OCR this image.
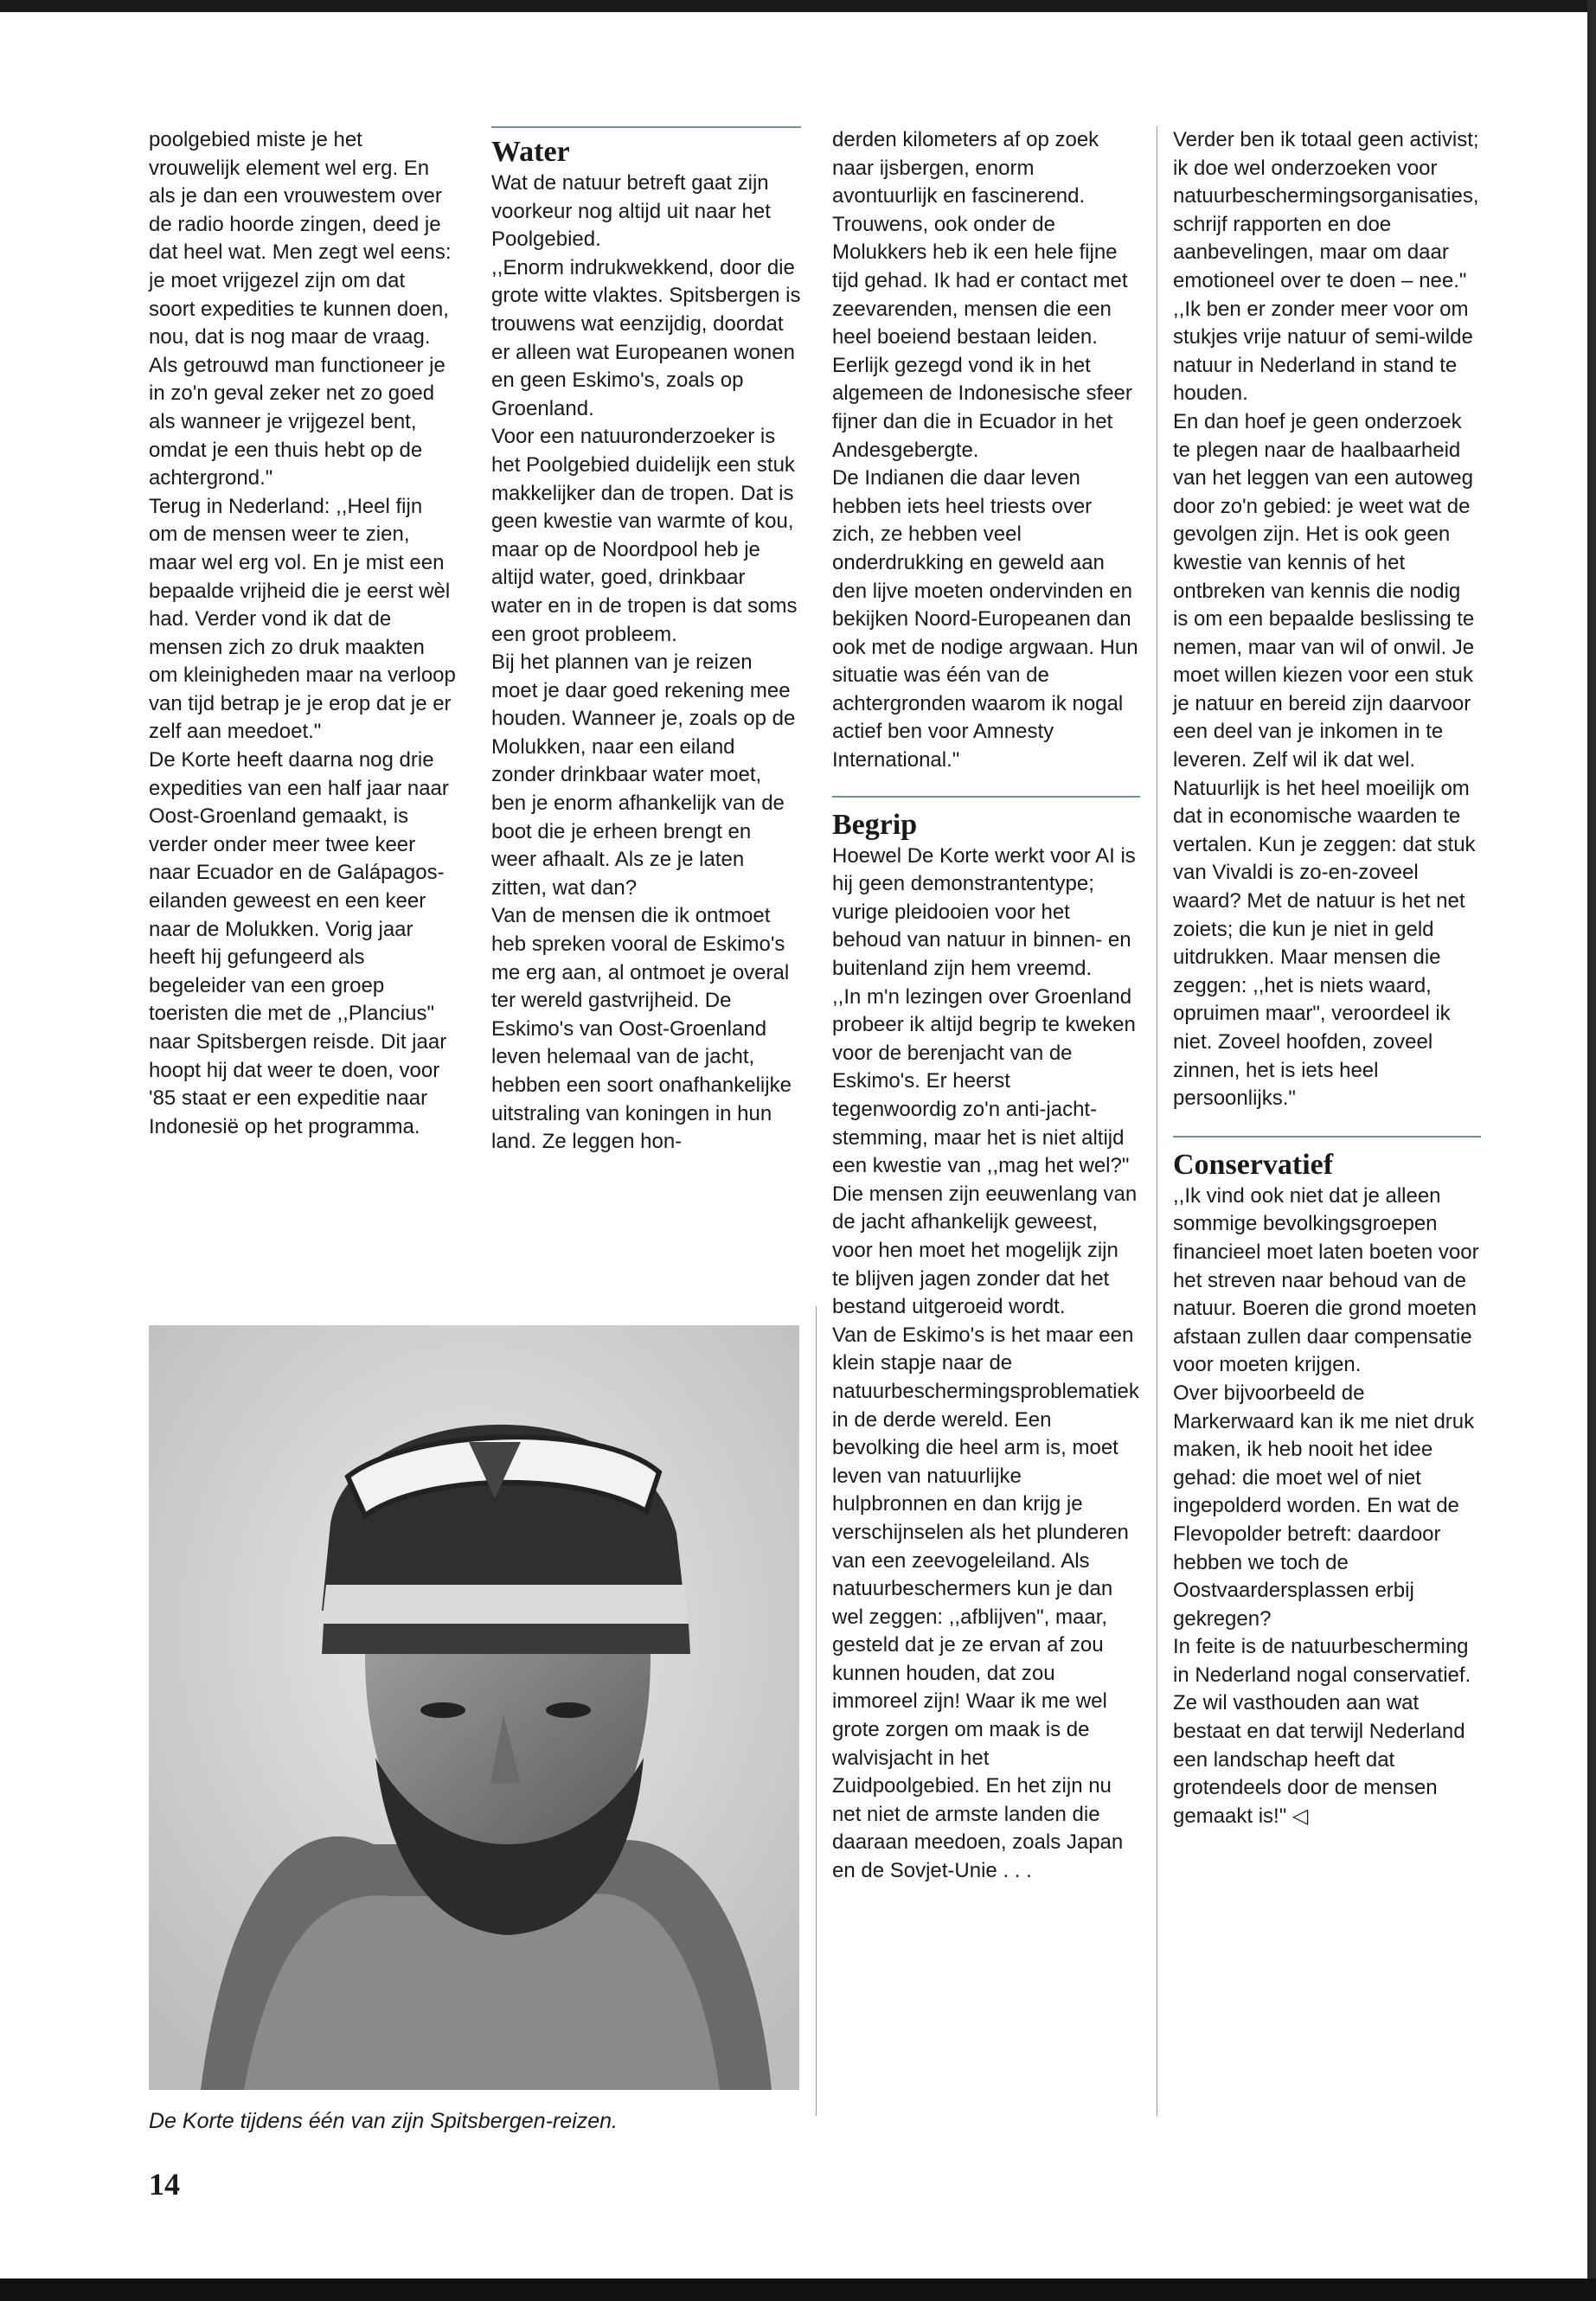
poolgebied miste je het vrouwelijk element wel erg. En als je dan een vrouwestem over de radio hoorde zingen, deed je dat heel wat. Men zegt wel eens: je moet vrijgezel zijn om dat soort expedities te kunnen doen, nou, dat is nog maar de vraag. Als getrouwd man functioneer je in zo'n geval zeker net zo goed als wanneer je vrijgezel bent, omdat je een thuis hebt op de achtergrond."

Terug in Nederland: ,,Heel fijn om de mensen weer te zien, maar wel erg vol. En je mist een bepaalde vrijheid die je eerst wèl had. Verder vond ik dat de mensen zich zo druk maakten om kleinigheden maar na verloop van tijd betrap je je erop dat je er zelf aan meedoet."

De Korte heeft daarna nog drie expedities van een half jaar naar Oost-Groenland gemaakt, is verder onder meer twee keer naar Ecuador en de Galápagos-eilanden geweest en een keer naar de Molukken. Vorig jaar heeft hij gefungeerd als begeleider van een groep toeristen die met de ,,Plancius" naar Spitsbergen reisde. Dit jaar hoopt hij dat weer te doen, voor '85 staat er een expeditie naar Indonesië op het programma.

Water

Wat de natuur betreft gaat zijn voorkeur nog altijd uit naar het Poolgebied.

,,Enorm indrukwekkend, door die grote witte vlaktes. Spitsbergen is trouwens wat eenzijdig, doordat er alleen wat Europeanen wonen en geen Eskimo's, zoals op Groenland.

Voor een natuuronderzoeker is het Poolgebied duidelijk een stuk makkelijker dan de tropen. Dat is geen kwestie van warmte of kou, maar op de Noordpool heb je altijd water, goed, drinkbaar water en in de tropen is dat soms een groot probleem.

Bij het plannen van je reizen moet je daar goed rekening mee houden. Wanneer je, zoals op de Molukken, naar een eiland zonder drinkbaar water moet, ben je enorm afhankelijk van de boot die je erheen brengt en weer afhaalt. Als ze je laten zitten, wat dan?

Van de mensen die ik ontmoet heb spreken vooral de Eskimo's me erg aan, al ontmoet je overal ter wereld gastvrijheid. De Eskimo's van Oost-Groenland leven helemaal van de jacht, hebben een soort onafhankelijke uitstraling van koningen in hun land. Ze leggen hon-

derden kilometers af op zoek naar ijsbergen, enorm avontuurlijk en fascinerend.

Trouwens, ook onder de Molukkers heb ik een hele fijne tijd gehad. Ik had er contact met zeevarenden, mensen die een heel boeiend bestaan leiden.

Eerlijk gezegd vond ik in het algemeen de Indonesische sfeer fijner dan die in Ecuador in het Andesgebergte.

De Indianen die daar leven hebben iets heel triests over zich, ze hebben veel onderdrukking en geweld aan den lijve moeten ondervinden en bekijken Noord-Europeanen dan ook met de nodige argwaan. Hun situatie was één van de achtergronden waarom ik nogal actief ben voor Amnesty International."

Begrip

Hoewel De Korte werkt voor AI is hij geen demonstrantentype; vurige pleidooien voor het behoud van natuur in binnen- en buitenland zijn hem vreemd.

,,In m'n lezingen over Groenland probeer ik altijd begrip te kweken voor de berenjacht van de Eskimo's. Er heerst tegenwoordig zo'n anti-jacht-stemming, maar het is niet altijd een kwestie van ,,mag het wel?" Die mensen zijn eeuwenlang van de jacht afhankelijk geweest, voor hen moet het mogelijk zijn te blijven jagen zonder dat het bestand uitgeroeid wordt.

Van de Eskimo's is het maar een klein stapje naar de natuurbeschermingsproblematiek in de derde wereld. Een bevolking die heel arm is, moet leven van natuurlijke hulpbronnen en dan krijg je verschijnselen als het plunderen van een zeevogeleiland. Als natuurbeschermers kun je dan wel zeggen: ,,afblijven", maar, gesteld dat je ze ervan af zou kunnen houden, dat zou immoreel zijn! Waar ik me wel grote zorgen om maak is de walvisjacht in het Zuidpoolgebied. En het zijn nu net niet de armste landen die daaraan meedoen, zoals Japan en de Sovjet-Unie . . .

Verder ben ik totaal geen activist; ik doe wel onderzoeken voor natuurbeschermingsorganisaties, schrijf rapporten en doe aanbevelingen, maar om daar emotioneel over te doen – nee."

,,Ik ben er zonder meer voor om stukjes vrije natuur of semi-wilde natuur in Nederland in stand te houden.

En dan hoef je geen onderzoek te plegen naar de haalbaarheid van het leggen van een autoweg door zo'n gebied: je weet wat de gevolgen zijn. Het is ook geen kwestie van kennis of het ontbreken van kennis die nodig is om een bepaalde beslissing te nemen, maar van wil of onwil. Je moet willen kiezen voor een stuk je natuur en bereid zijn daarvoor een deel van je inkomen in te leveren. Zelf wil ik dat wel.

Natuurlijk is het heel moeilijk om dat in economische waarden te vertalen. Kun je zeggen: dat stuk van Vivaldi is zo-en-zoveel waard? Met de natuur is het net zoiets; die kun je niet in geld uitdrukken. Maar mensen die zeggen: ,,het is niets waard, opruimen maar", veroordeel ik niet. Zoveel hoofden, zoveel zinnen, het is iets heel persoonlijks."

Conservatief

,,Ik vind ook niet dat je alleen sommige bevolkingsgroepen financieel moet laten boeten voor het streven naar behoud van de natuur. Boeren die grond moeten afstaan zullen daar compensatie voor moeten krijgen.

Over bijvoorbeeld de Markerwaard kan ik me niet druk maken, ik heb nooit het idee gehad: die moet wel of niet ingepolderd worden. En wat de Flevopolder betreft: daardoor hebben we toch de Oostvaardersplassen erbij gekregen?

In feite is de natuurbescherming in Nederland nogal conservatief. Ze wil vasthouden aan wat bestaat en dat terwijl Nederland een landschap heeft dat grotendeels door de mensen gemaakt is!" ◁

De Korte tijdens één van zijn Spitsbergen-reizen.
14
